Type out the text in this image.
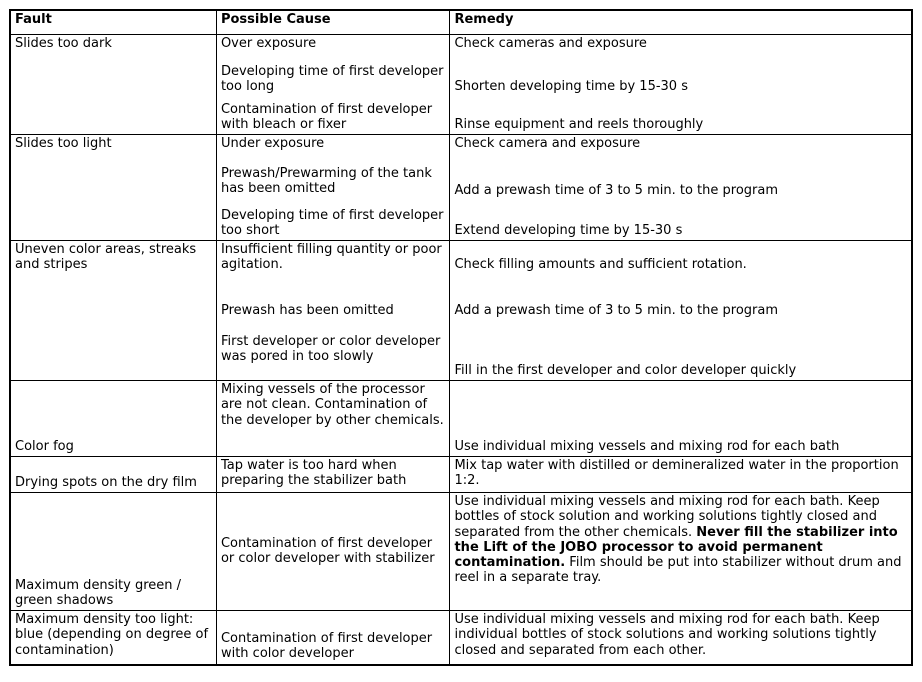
Fault	Possible Cause	Remedy
Slides too dark	Over exposure	Check cameras and exposure

	Developing time of first developer too long	Shorten developing time by 15-30 s

	Contamination of first developer with bleach or fixer	Rinse equipment and reels thoroughly
Slides too light	Under exposure	Check camera and exposure

	Prewash/Prewarming of the tank has been omitted	Add a prewash time of 3 to 5 min. to the program

	Developing time of first developer too short	Extend developing time by 15-30 s
Uneven color areas, streaks and stripes	Insufficient filling quantity or poor agitation.	Check filling amounts and sufficient rotation.

	Prewash has been omitted	Add a prewash time of 3 to 5 min. to the program

	First developer or color developer was pored in too slowly	Fill in the first developer and color developer quickly
Color fog	Mixing vessels of the processor are not clean. Contamination of the developer by other chemicals.	Use individual mixing vessels and mixing rod for each bath
Drying spots on the dry film	Tap water is too hard when preparing the stabilizer bath	Mix tap water with distilled or demineralized water in the proportion 1:2.
Maximum density green / green shadows	Contamination of first developer or color developer with stabilizer	Use individual mixing vessels and mixing rod for each bath. Keep bottles of stock solution and working solutions tightly closed and separated from the other chemicals. Never fill the stabilizer into the Lift of the JOBO processor to avoid permanent contamination. Film should be put into stabilizer without drum and reel in a separate tray.
Maximum density too light: blue (depending on degree of contamination)	Contamination of first developer with color developer	Use individual mixing vessels and mixing rod for each bath. Keep individual bottles of stock solutions and working solutions tightly closed and separated from each other.
